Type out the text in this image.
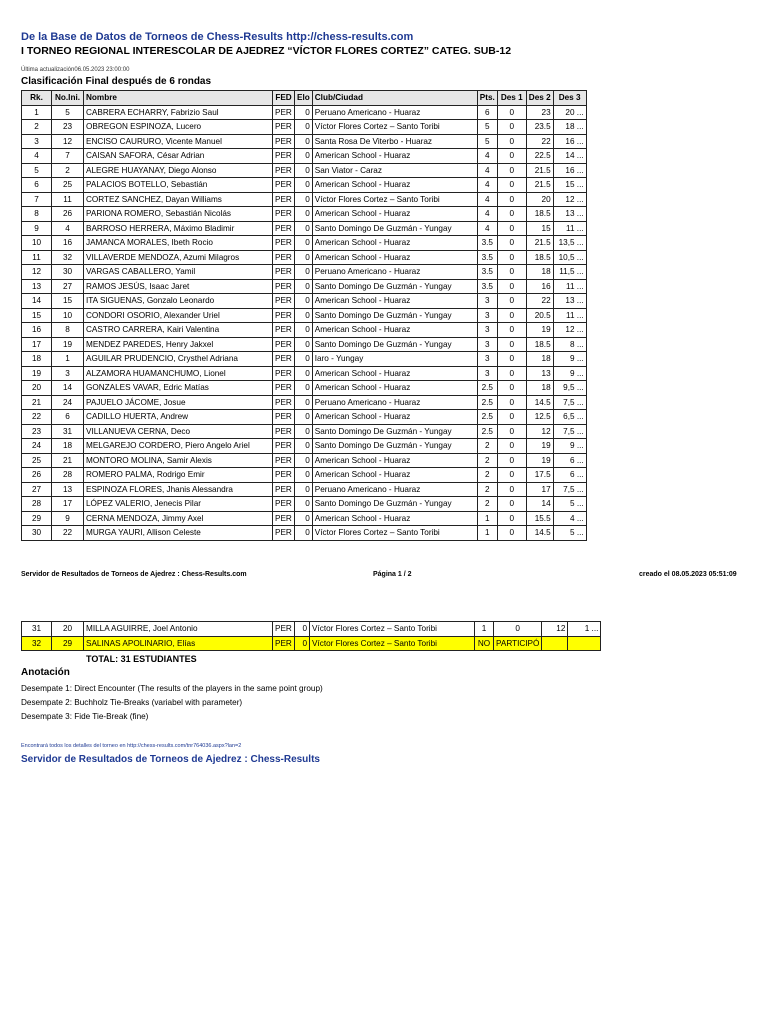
De la Base de Datos de Torneos de Chess-Results http://chess-results.com
I TORNEO REGIONAL INTERESCOLAR DE AJEDREZ “VÍCTOR FLORES CORTEZ” CATEG. SUB-12
Última actualización06.05.2023 23:00:00
Clasificación Final después de 6 rondas
Rk.	No.Ini.	Nombre	FED	Elo	Club/Ciudad	Pts.	Des 1	Des 2	Des 3
1	5	CABRERA ECHARRY, Fabrizio Saul	PER	0	Peruano Americano - Huaraz	6	0	23	20 ...
2	23	OBREGON ESPINOZA, Lucero	PER	0	Víctor Flores Cortez – Santo Toribi	5	0	23.5	18 ...
3	12	ENCISO CAURURO, Vicente Manuel	PER	0	Santa Rosa De Viterbo - Huaraz	5	0	22	16 ...
4	7	CAISAN SAFORA, César Adrian	PER	0	American School - Huaraz	4	0	22.5	14 ...
5	2	ALEGRE HUAYANAY, Diego Alonso	PER	0	San Viator - Caraz	4	0	21.5	16 ...
6	25	PALACIOS BOTELLO, Sebastián	PER	0	American School - Huaraz	4	0	21.5	15 ...
7	11	CORTEZ SANCHEZ, Dayan Williams	PER	0	Víctor Flores Cortez – Santo Toribi	4	0	20	12 ...
8	26	PARIONA ROMERO, Sebastián Nicolás	PER	0	American School - Huaraz	4	0	18.5	13 ...
9	4	BARROSO HERRERA, Máximo Bladimir	PER	0	Santo Domingo De Guzmán - Yungay	4	0	15	11 ...
10	16	JAMANCA MORALES, Ibeth Rocio	PER	0	American School - Huaraz	3.5	0	21.5	13,5 ...
11	32	VILLAVERDE MENDOZA, Azumi Milagros	PER	0	American School - Huaraz	3.5	0	18.5	10,5 ...
12	30	VARGAS CABALLERO, Yamil	PER	0	Peruano Americano - Huaraz	3.5	0	18	11,5 ...
13	27	RAMOS JESÚS, Isaac Jaret	PER	0	Santo Domingo De Guzmán - Yungay	3.5	0	16	11 ...
14	15	ITA SIGUENAS, Gonzalo Leonardo	PER	0	American School - Huaraz	3	0	22	13 ...
15	10	CONDORI OSORIO, Alexander Uriel	PER	0	Santo Domingo De Guzmán - Yungay	3	0	20.5	11 ...
16	8	CASTRO CARRERA, Kairi Valentina	PER	0	American School - Huaraz	3	0	19	12 ...
17	19	MENDEZ PAREDES, Henry Jakxel	PER	0	Santo Domingo De Guzmán - Yungay	3	0	18.5	8 ...
18	1	AGUILAR PRUDENCIO, Crysthel Adriana	PER	0	Iaro - Yungay	3	0	18	9 ...
19	3	ALZAMORA HUAMANCHUMO, Lionel	PER	0	American School - Huaraz	3	0	13	9 ...
20	14	GONZALES VAVAR, Edric Matías	PER	0	American School - Huaraz	2.5	0	18	9,5 ...
21	24	PAJUELO JÁCOME, Josue	PER	0	Peruano Americano - Huaraz	2.5	0	14.5	7,5 ...
22	6	CADILLO HUERTA, Andrew	PER	0	American School - Huaraz	2.5	0	12.5	6,5 ...
23	31	VILLANUEVA CERNA, Deco	PER	0	Santo Domingo De Guzmán - Yungay	2.5	0	12	7,5 ...
24	18	MELGAREJO CORDERO, Piero Angelo Ariel	PER	0	Santo Domingo De Guzmán - Yungay	2	0	19	9 ...
25	21	MONTORO MOLINA, Samir Alexis	PER	0	American School - Huaraz	2	0	19	6 ...
26	28	ROMERO PALMA, Rodrigo Emir	PER	0	American School - Huaraz	2	0	17.5	6 ...
27	13	ESPINOZA FLORES, Jhanis Alessandra	PER	0	Peruano Americano - Huaraz	2	0	17	7,5 ...
28	17	LÓPEZ VALERIO, Jenecis Pilar	PER	0	Santo Domingo De Guzmán - Yungay	2	0	14	5 ...
29	9	CERNA MENDOZA, Jimmy Axel	PER	0	American School - Huaraz	1	0	15.5	4 ...
30	22	MURGA YAURI, Allison Celeste	PER	0	Víctor Flores Cortez – Santo Toribi	1	0	14.5	5 ...
Servidor de Resultados de Torneos de Ajedrez : Chess-Results.com	Página 1 / 2	creado el 08.05.2023 05:51:09
31	20	MILLA AGUIRRE, Joel Antonio	PER	0	Víctor Flores Cortez – Santo Toribi	1	0	12	1 ...
32	29	SALINAS APOLINARIO, Elías	PER	0	Víctor Flores Cortez – Santo Toribi	NO	PARTICIPÓ		
TOTAL: 31 ESTUDIANTES
Anotación
Desempate 1: Direct Encounter (The results of the players in the same point group)
Desempate 2: Buchholz Tie-Breaks (variabel with parameter)
Desempate 3: Fide Tie-Break (fine)
Encontrará todos los detalles del torneo en http://chess-results.com/tnr764036.aspx?lan=2
Servidor de Resultados de Torneos de Ajedrez : Chess-Results
